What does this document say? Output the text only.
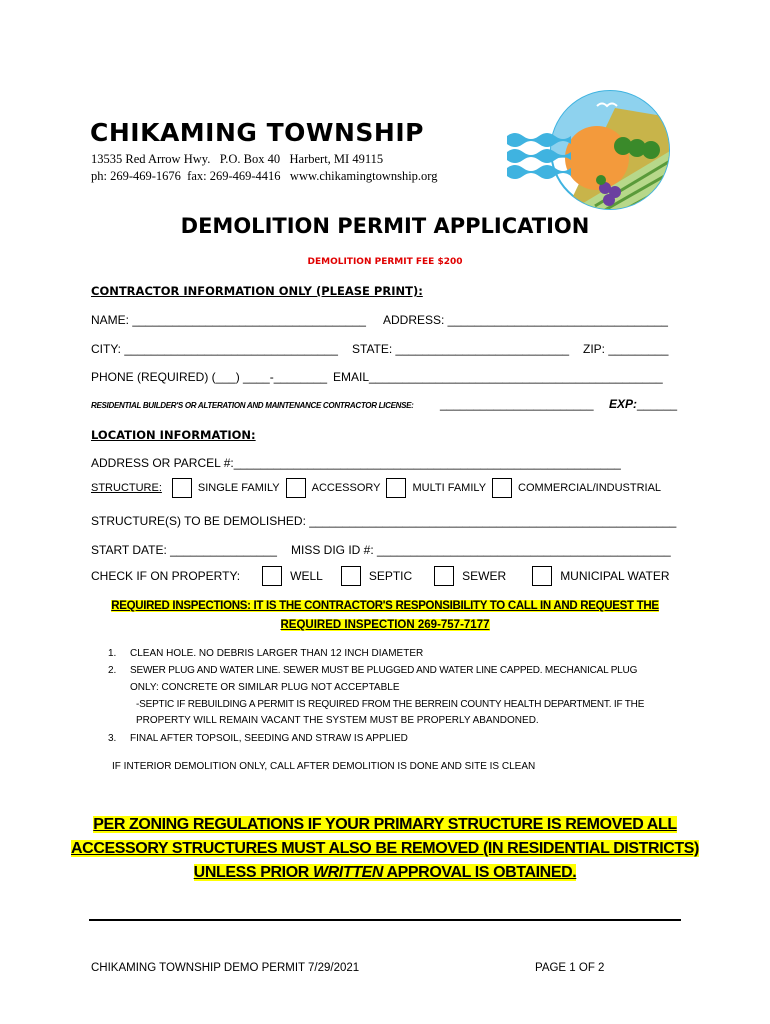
CHIKAMING TOWNSHIP
13535 Red Arrow Hwy.   P.O. Box 40   Harbert, MI 49115
ph: 269-469-1676  fax: 269-469-4416   www.chikamingtownship.org
DEMOLITION PERMIT APPLICATION
DEMOLITION PERMIT FEE $200
CONTRACTOR INFORMATION ONLY (PLEASE PRINT):
NAME: ___________________________________ ADDRESS: _________________________________
CITY: ________________________________ STATE: __________________________ ZIP: _________
PHONE (REQUIRED) (___) ____-________ EMAIL____________________________________________
RESIDENTIAL BUILDER'S OR ALTERATION AND MAINTENANCE CONTRACTOR LICENSE: _______________________ EXP: ______
LOCATION INFORMATION:
ADDRESS OR PARCEL #:__________________________________________________________
STRUCTURE:	SINGLE FAMILY	ACCESSORY	MULTI FAMILY	COMMERCIAL/INDUSTRIAL
STRUCTURE(S) TO BE DEMOLISHED: _______________________________________________________
START DATE: ________________ MISS DIG ID #: ____________________________________________
CHECK IF ON PROPERTY:	WELL	SEPTIC	SEWER	MUNICIPAL WATER
REQUIRED INSPECTIONS: IT IS THE CONTRACTOR'S RESPONSIBILITY TO CALL IN AND REQUEST THE
REQUIRED INSPECTION 269-757-7177
1. CLEAN HOLE. NO DEBRIS LARGER THAN 12 INCH DIAMETER
2. SEWER PLUG AND WATER LINE. SEWER MUST BE PLUGGED AND WATER LINE CAPPED. MECHANICAL PLUG
ONLY: CONCRETE OR SIMILAR PLUG NOT ACCEPTABLE
-SEPTIC IF REBUILDING A PERMIT IS REQUIRED FROM THE BERREIN COUNTY HEALTH DEPARTMENT. IF THE
PROPERTY WILL REMAIN VACANT THE SYSTEM MUST BE PROPERLY ABANDONED.
3. FINAL AFTER TOPSOIL, SEEDING AND STRAW IS APPLIED
IF INTERIOR DEMOLITION ONLY, CALL AFTER DEMOLITION IS DONE AND SITE IS CLEAN
PER ZONING REGULATIONS IF YOUR PRIMARY STRUCTURE IS REMOVED ALL
ACCESSORY STRUCTURES MUST ALSO BE REMOVED (IN RESIDENTIAL DISTRICTS)
UNLESS PRIOR WRITTEN APPROVAL IS OBTAINED.
CHIKAMING TOWNSHIP DEMO PERMIT 7/29/2021	PAGE 1 OF 2
